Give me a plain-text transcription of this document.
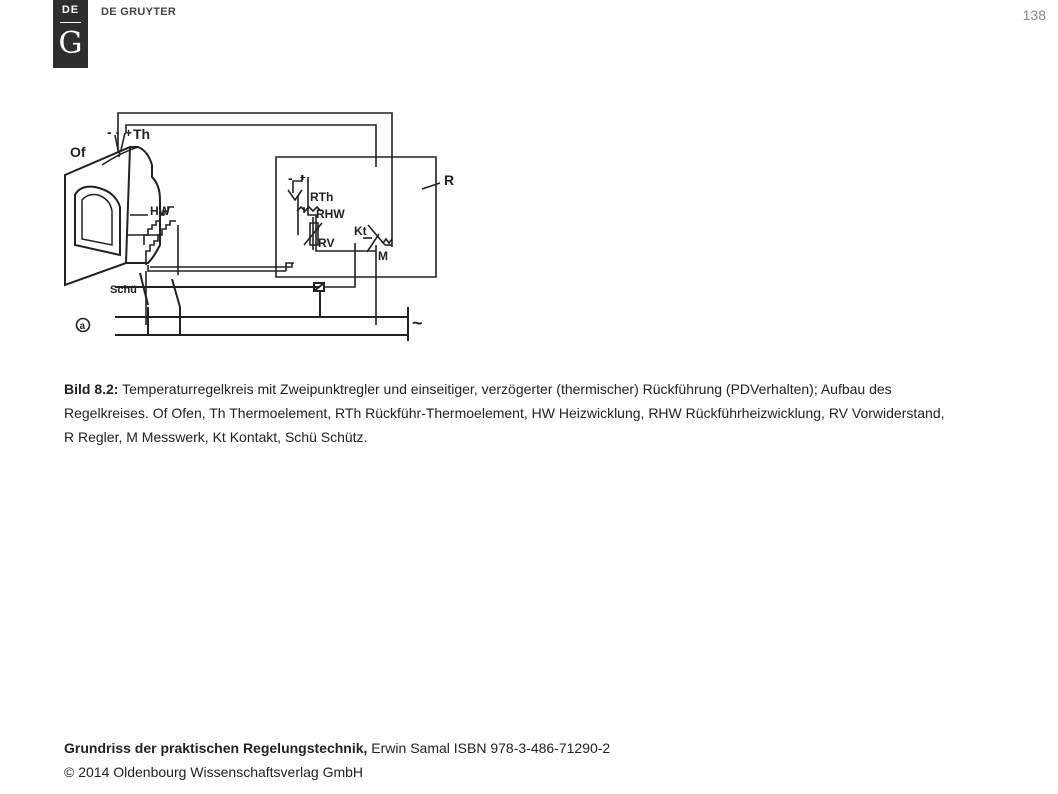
DE
G
DE GRUYTER	138
Of
Th
- +
HW
- +
RTh
RHW
RV
Kt
M
R
Schü
a	~
Bild 8.2: Temperaturregelkreis mit Zweipunktregler und einseitiger, verzögerter (thermischer) Rückführung (PDVerhalten); Aufbau des Regelkreises. Of Ofen, Th Thermoelement, RTh Rückführ-Thermoelement, HW Heizwicklung, RHW Rückführheizwicklung, RV Vorwiderstand, R Regler, M Messwerk, Kt Kontakt, Schü Schütz.
Grundriss der praktischen Regelungstechnik, Erwin Samal ISBN 978-3-486-71290-2
© 2014 Oldenbourg Wissenschaftsverlag GmbH
